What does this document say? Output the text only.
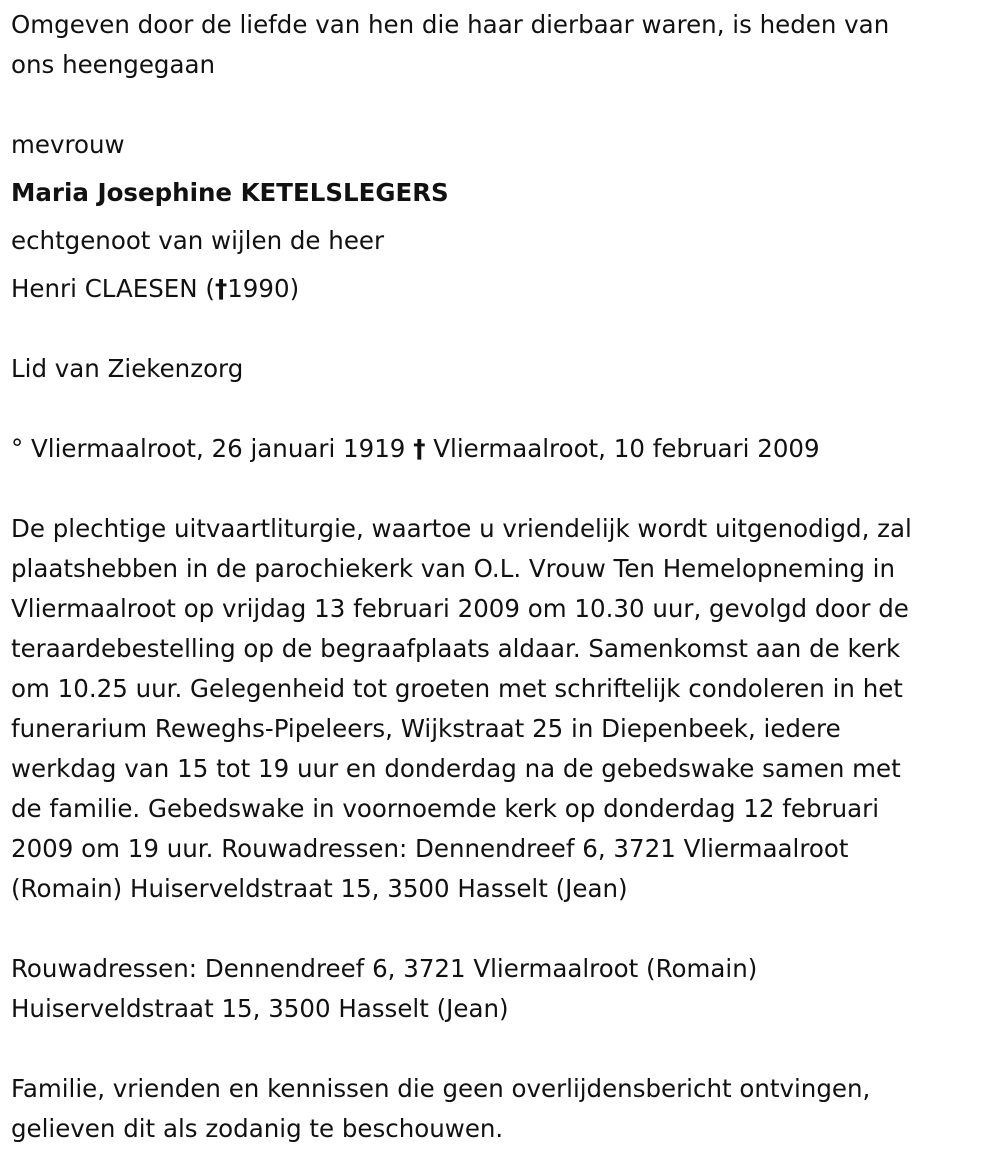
Omgeven door de liefde van hen die haar dierbaar waren, is heden van

ons heengegaan

mevrouw

Maria Josephine KETELSLEGERS

echtgenoot van wijlen de heer

Henri CLAESEN (†1990)

Lid van Ziekenzorg

° Vliermaalroot, 26 januari 1919 † Vliermaalroot, 10 februari 2009

De plechtige uitvaartliturgie, waartoe u vriendelijk wordt uitgenodigd, zal

plaatshebben in de parochiekerk van O.L. Vrouw Ten Hemelopneming in

Vliermaalroot op vrijdag 13 februari 2009 om 10.30 uur, gevolgd door de

teraardebestelling op de begraafplaats aldaar. Samenkomst aan de kerk

om 10.25 uur. Gelegenheid tot groeten met schriftelijk condoleren in het

funerarium Reweghs-Pipeleers, Wijkstraat 25 in Diepenbeek, iedere

werkdag van 15 tot 19 uur en donderdag na de gebedswake samen met

de familie. Gebedswake in voornoemde kerk op donderdag 12 februari

2009 om 19 uur. Rouwadressen: Dennendreef 6, 3721 Vliermaalroot

(Romain) Huiserveldstraat 15, 3500 Hasselt (Jean)

Rouwadressen: Dennendreef 6, 3721 Vliermaalroot (Romain)

Huiserveldstraat 15, 3500 Hasselt (Jean)

Familie, vrienden en kennissen die geen overlijdensbericht ontvingen,

gelieven dit als zodanig te beschouwen.
